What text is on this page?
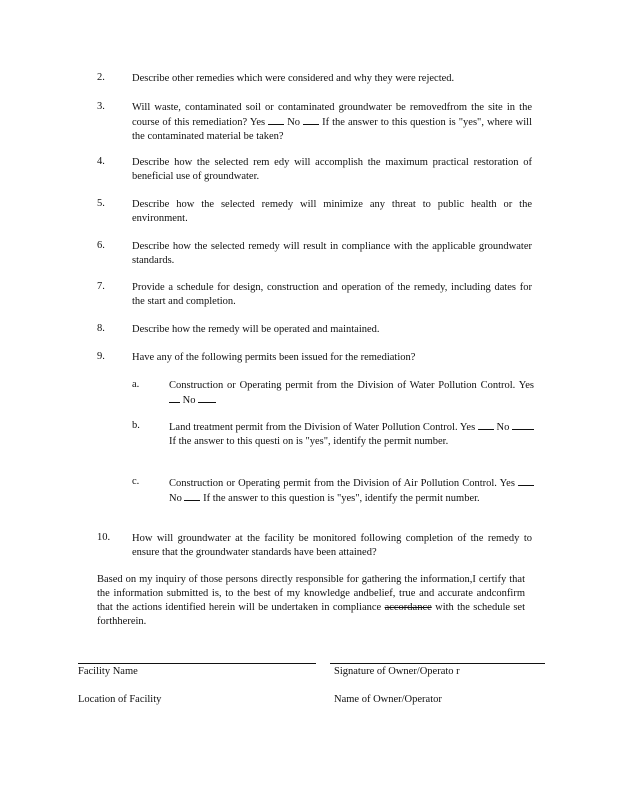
2.	Describe other remedies which were considered and why they were rejected.
3.	Will waste, contaminated soil or contaminated groundwater be removedfrom the site in the course of this remediation? Yes No If the answer to this question is "yes", where will the contaminated material be taken?
4.	Describe how the selected rem edy will accomplish the maximum practical restoration of beneficial use of groundwater.
5.	Describe how the selected remedy will minimize any threat to public health or the environment.
6.	Describe how the selected remedy will result in compliance with the applicable groundwater standards.
7.	Provide a schedule for design, construction and operation of the remedy, including dates for the start and completion.
8.	Describe how the remedy will be operated and maintained.
9.	Have any of the following permits been issued for the remediation?
a.	Construction or Operating permit from the Division of Water Pollution Control. Yes  No
b.	Land treatment permit from the Division of Water Pollution Control. Yes No  If the answer to this questi on is "yes", identify the permit number.
c.	Construction or Operating permit from the Division of Air Pollution Control. Yes  No If the answer to this question is "yes", identify the permit number.
10. How will groundwater at the facility be monitored following completion of the remedy to ensure that the groundwater standards have been attained?
Based on my inquiry of those persons directly responsible for gathering the information,I certify that the information submitted is, to the best of my knowledge andbelief, true and accurate andconfirm that the actions identified herein will be undertaken in compliance accordance with the schedule set forthherein.
Facility Name	Signature of Owner/Operato r
Location of Facility	Name of Owner/Operator
